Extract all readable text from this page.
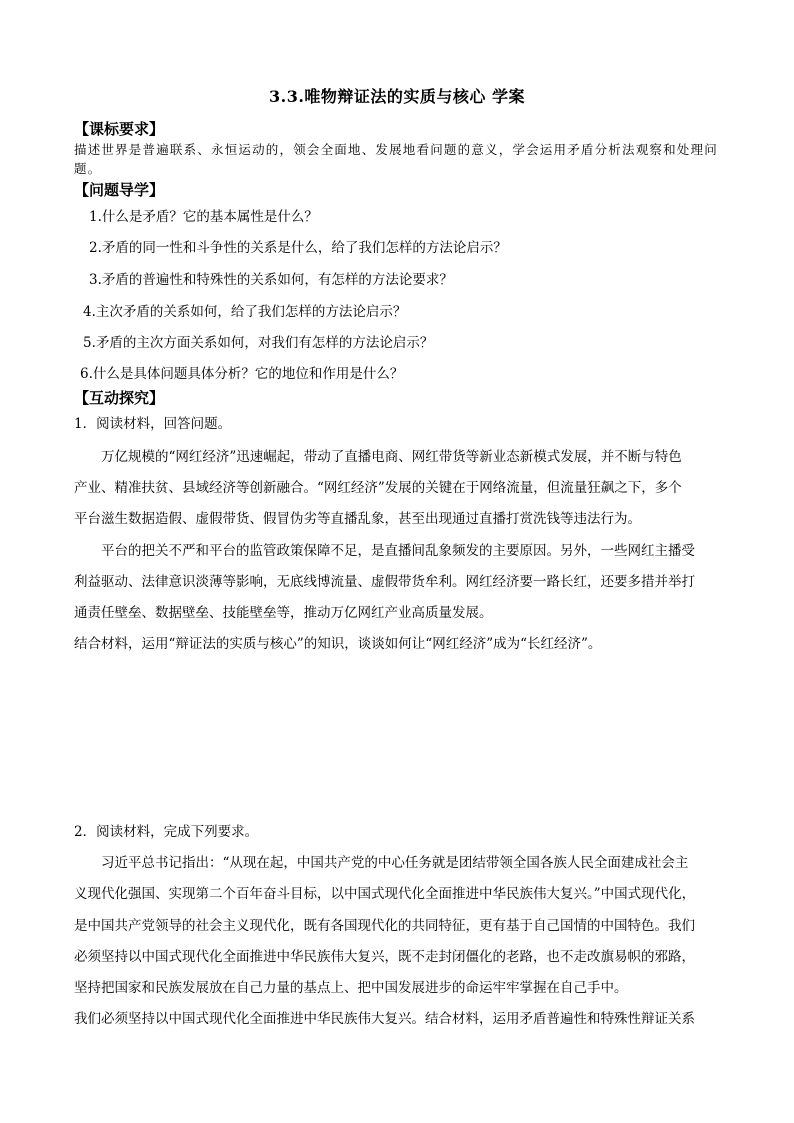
3.3.唯物辩证法的实质与核心 学案
【课标要求】
描述世界是普遍联系、永恒运动的，领会全面地、发展地看问题的意义，学会运用矛盾分析法观察和处理问题。
【问题导学】
1.什么是矛盾？它的基本属性是什么？
2.矛盾的同一性和斗争性的关系是什么，给了我们怎样的方法论启示？
3.矛盾的普遍性和特殊性的关系如何，有怎样的方法论要求？
4.主次矛盾的关系如何，给了我们怎样的方法论启示？
5.矛盾的主次方面关系如何，对我们有怎样的方法论启示？
6.什么是具体问题具体分析？它的地位和作用是什么？
【互动探究】
1．阅读材料，回答问题。
万亿规模的“网红经济”迅速崛起，带动了直播电商、网红带货等新业态新模式发展，并不断与特色
产业、精准扶贫、县域经济等创新融合。“网红经济”发展的关键在于网络流量，但流量狂飙之下，多个
平台滋生数据造假、虚假带货、假冒伪劣等直播乱象，甚至出现通过直播打赏洗钱等违法行为。
平台的把关不严和平台的监管政策保障不足，是直播间乱象频发的主要原因。另外，一些网红主播受
利益驱动、法律意识淡薄等影响，无底线博流量、虚假带货牟利。网红经济要一路长红，还要多措并举打
通责任壁垒、数据壁垒、技能壁垒等，推动万亿网红产业高质量发展。
结合材料，运用“辩证法的实质与核心”的知识，谈谈如何让“网红经济”成为“长红经济”。
2．阅读材料，完成下列要求。
习近平总书记指出：“从现在起，中国共产党的中心任务就是团结带领全国各族人民全面建成社会主
义现代化强国、实现第二个百年奋斗目标，以中国式现代化全面推进中华民族伟大复兴。”中国式现代化，
是中国共产党领导的社会主义现代化，既有各国现代化的共同特征，更有基于自己国情的中国特色。我们
必须坚持以中国式现代化全面推进中华民族伟大复兴，既不走封闭僵化的老路，也不走改旗易帜的邪路，
坚持把国家和民族发展放在自己力量的基点上、把中国发展进步的命运牢牢掌握在自己手中。
我们必须坚持以中国式现代化全面推进中华民族伟大复兴。结合材料，运用矛盾普遍性和特殊性辩证关系
